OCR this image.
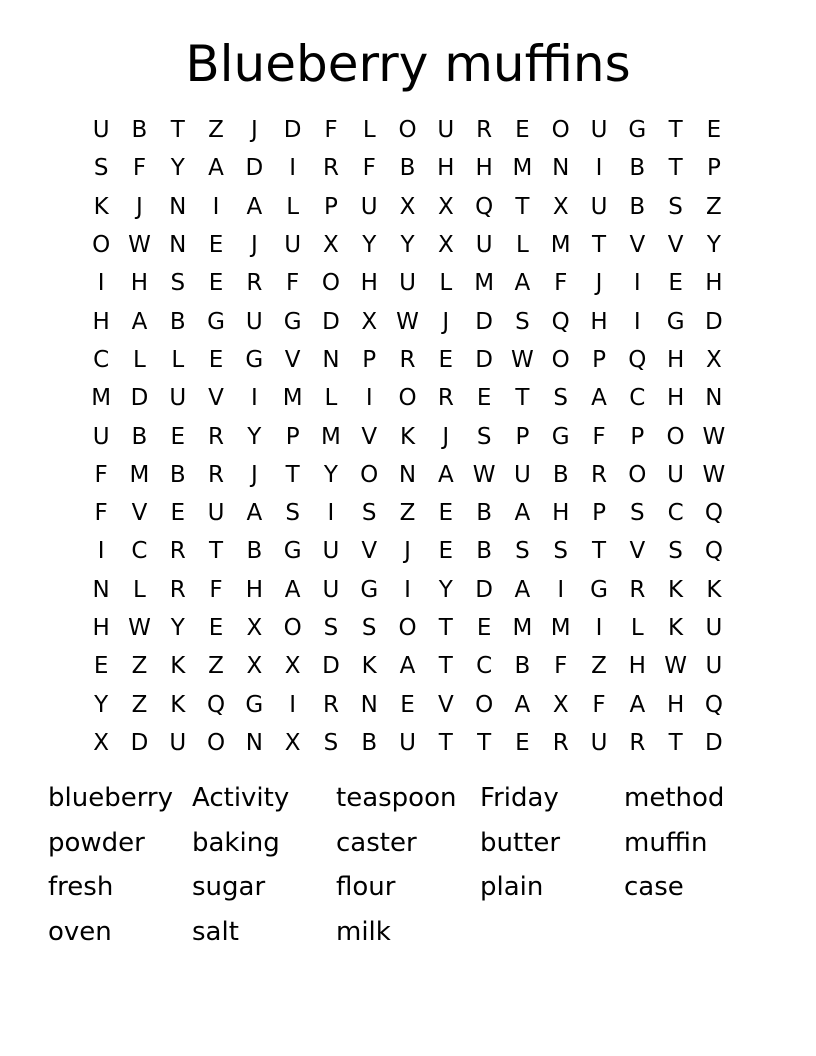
Blueberry muffins
U B	T	Z	J	D F	L O U R	E O U G T	E
S	F	Y	A D	I	R	F	B H H M N	I	B	T	P
K	J	N	I	A	L	P U X X Q T	X U B	S	Z
O W N E	J	U X	Y	Y	X U	L M T	V V	Y
I	H S	E	R	F O H U	L M A	F	J	I	E H
H A B G U G D X W	J	D S Q H	I	G D
C	L	L	E G V N P	R	E D W O P Q H X
M D U V	I	M L	I	O R	E	T	S	A C H N
U B	E	R	Y	P M V K	J	S	P G F	P O W
F M B R	J	T	Y O N A W U B R O U W
F	V	E U A	S	I	S	Z	E	B A H P	S C Q
I	C R	T	B G U V	J	E	B	S	S	T	V	S Q
N	L	R	F	H A U G	I	Y D A	I	G R K	K
H W Y	E	X O S	S O T	E M M	I	L	K U
E	Z K Z X X D K A	T	C B	F	Z H W U
Y	Z K Q G	I	R N E	V O A X	F	A H Q
X D U O N X	S	B U T	T	E	R U R	T D
blueberry Activity	teaspoon Friday	method
powder	baking	caster	butter	muffin
fresh	sugar	flour	plain	case
oven	salt	milk
